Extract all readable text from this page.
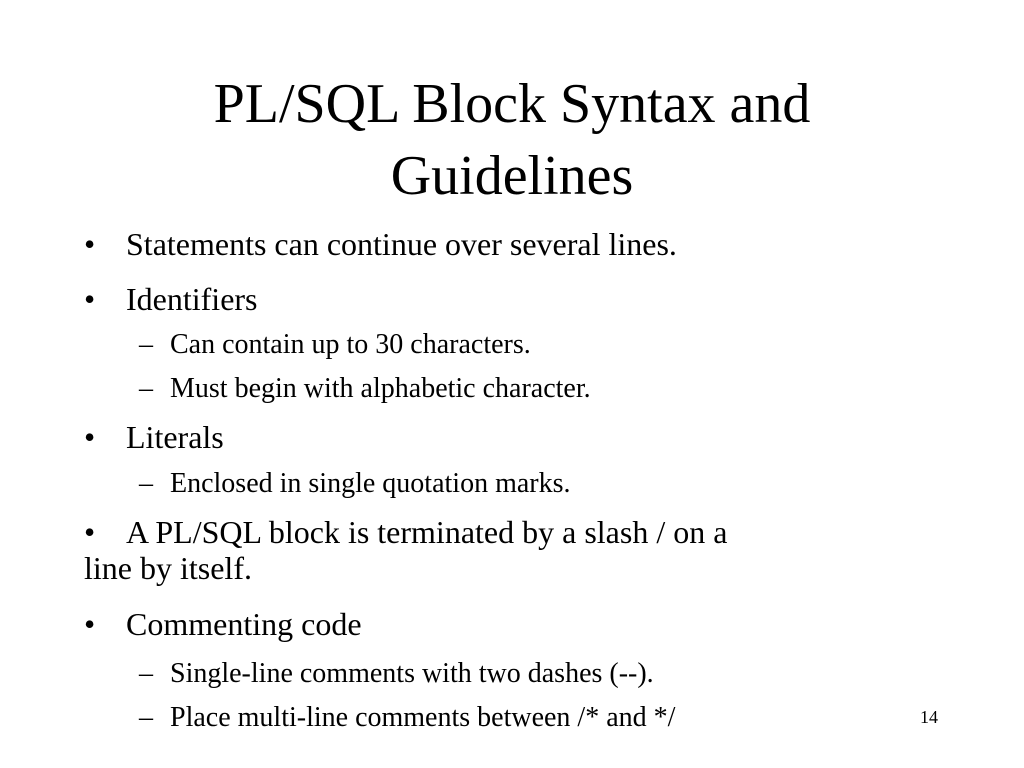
PL/SQL Block Syntax and
Guidelines
• Statements can continue over several lines.
• Identifiers
– Can contain up to 30 characters.
– Must begin with alphabetic character.
• Literals
– Enclosed in single quotation marks.
• A PL/SQL block is terminated by a slash / on a
line by itself.
• Commenting code
– Single-line comments with two dashes (--).
– Place multi-line comments between /* and */	14
